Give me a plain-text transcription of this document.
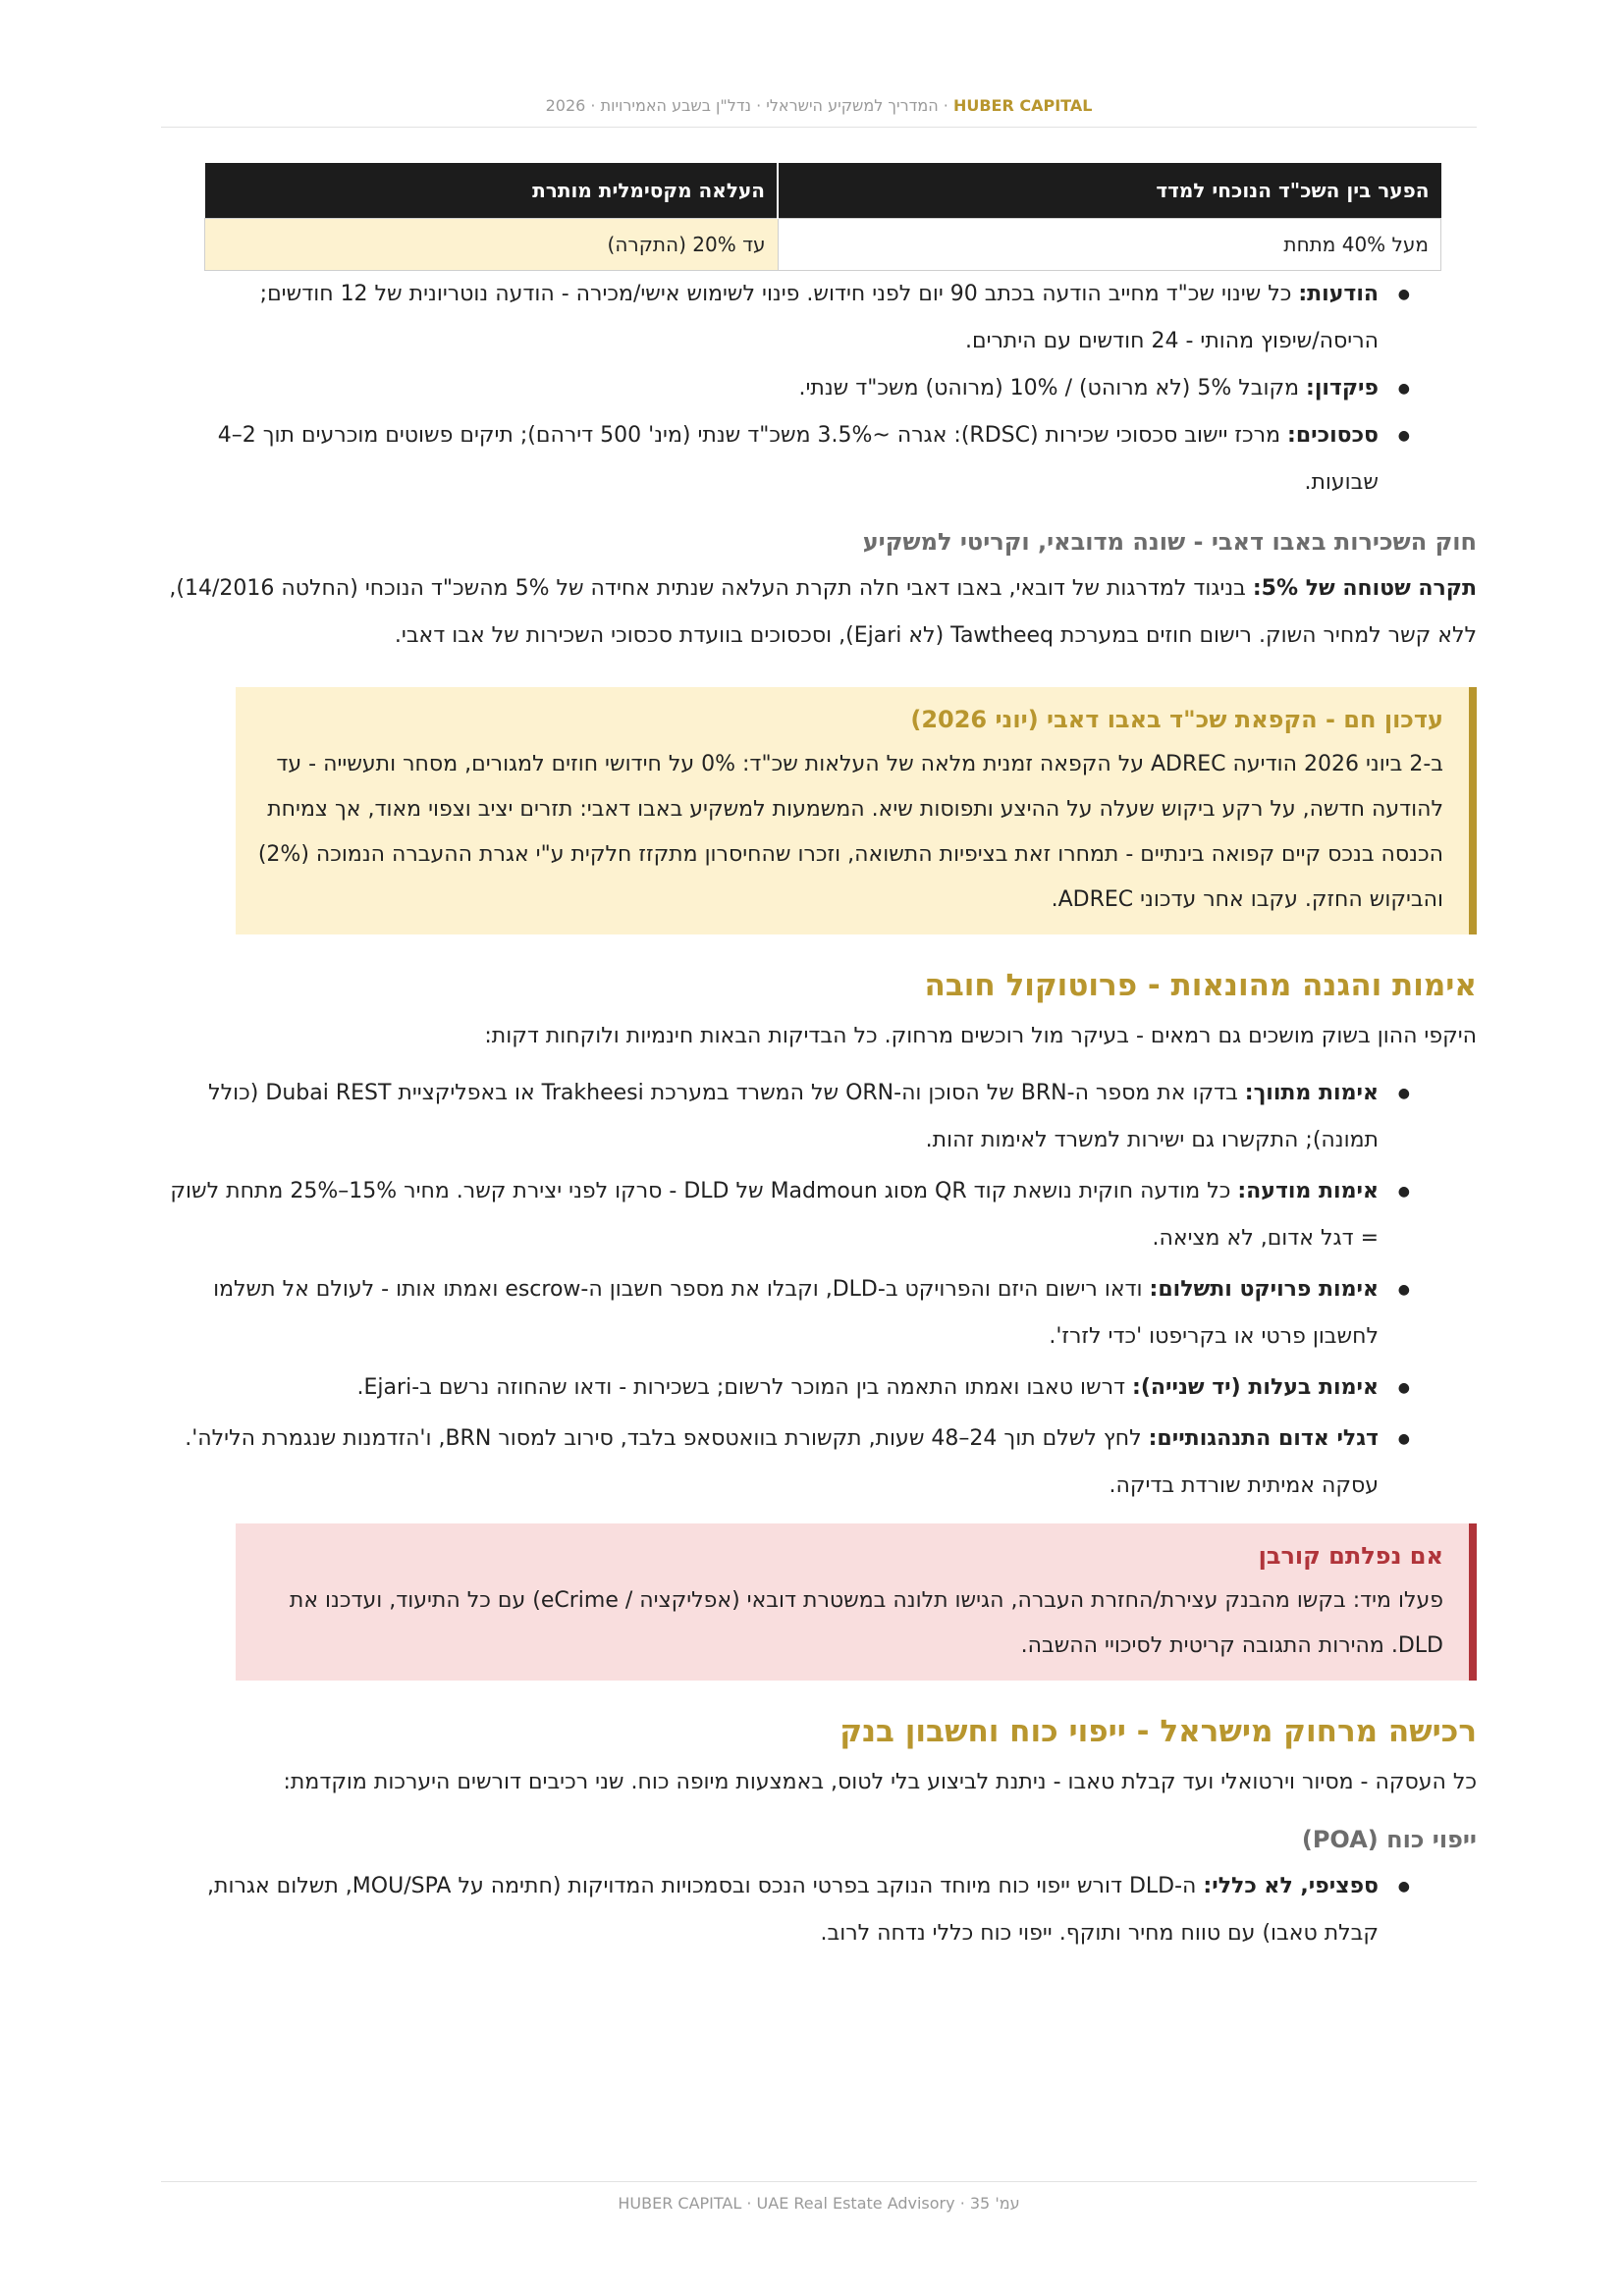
HUBER CAPITAL · המדריך למשקיע הישראלי · נדל"ן בשבע האמירויות · 2026
הפער בין השכ"ד הנוכחי למדד	העלאה מקסימלית מותרת
מעל 40% מתחת	עד 20% (התקרה)
● הודעות: כל שינוי שכ"ד מחייב הודעה בכתב 90 יום לפני חידוש. פינוי לשימוש אישי/מכירה - הודעה נוטריונית של 12 חודשים; הריסה/שיפוץ מהותי - 24 חודשים עם היתרים.
● פיקדון: מקובל 5% (לא מרוהט) / 10% (מרוהט) משכ"ד שנתי.
● סכסוכים: מרכז יישוב סכסוכי שכירות (RDSC): אגרה ~3.5% משכ"ד שנתי (מינ' 500 דירהם); תיקים פשוטים מוכרעים תוך 2–4 שבועות.
חוק השכירות באבו דאבי - שונה מדובאי, וקריטי למשקיע

תקרה שטוחה של 5%: בניגוד למדרגות של דובאי, באבו דאבי חלה תקרת העלאה שנתית אחידה של 5% מהשכ"ד הנוכחי (החלטה 14/2016), ללא קשר למחיר השוק. רישום חוזים במערכת Tawtheeq (לא Ejari), וסכסוכים בוועדת סכסוכי השכירות של אבו דאבי.

עדכון חם - הקפאת שכ"ד באבו דאבי (יוני 2026)
ב-2 ביוני 2026 הודיעה ADREC על הקפאה זמנית מלאה של העלאות שכ"ד: 0% על חידושי חוזים למגורים, מסחר ותעשייה - עד להודעה חדשה, על רקע ביקוש שעלה על ההיצע ותפוסות שיא. המשמעות למשקיע באבו דאבי: תזרים יציב וצפוי מאוד, אך צמיחת הכנסה בנכס קיים קפואה בינתיים - תמחרו זאת בציפיות התשואה, וזכרו שהחיסרון מתקזז חלקית ע"י אגרת ההעברה הנמוכה (2%) והביקוש החזק. עקבו אחר עדכוני ADREC.
אימות והגנה מהונאות - פרוטוקול חובה

היקפי ההון בשוק מושכים גם רמאים - בעיקר מול רוכשים מרחוק. כל הבדיקות הבאות חינמיות ולוקחות דקות:

● אימות מתווך: בדקו את מספר ה-BRN של הסוכן וה-ORN של המשרד במערכת Trakheesi או באפליקציית Dubai REST (כולל תמונה); התקשרו גם ישירות למשרד לאימות זהות.
● אימות מודעה: כל מודעה חוקית נושאת קוד QR מסוג Madmoun של DLD - סרקו לפני יצירת קשר. מחיר 15%–25% מתחת לשוק = דגל אדום, לא מציאה.
● אימות פרויקט ותשלום: ודאו רישום היזם והפרויקט ב-DLD, וקבלו את מספר חשבון ה-escrow ואמתו אותו - לעולם אל תשלמו לחשבון פרטי או בקריפטו 'כדי לזרז'.
● אימות בעלות (יד שנייה): דרשו טאבו ואמתו התאמה בין המוכר לרשום; בשכירות - ודאו שהחוזה נרשם ב-Ejari.
● דגלי אדום התנהגותיים: לחץ לשלם תוך 24–48 שעות, תקשורת בוואטסאפ בלבד, סירוב למסור BRN, ו'הזדמנות שנגמרת הלילה'. עסקה אמיתית שורדת בדיקה.
אם נפלתם קורבן
פעלו מיד: בקשו מהבנק עצירת/החזרת העברה, הגישו תלונה במשטרת דובאי (אפליקציה / eCrime) עם כל התיעוד, ועדכנו את DLD. מהירות התגובה קריטית לסיכויי ההשבה.
רכישה מרחוק מישראל - ייפוי כוח וחשבון בנק

כל העסקה - מסיור וירטואלי ועד קבלת טאבו - ניתנת לביצוע בלי לטוס, באמצעות מיופה כוח. שני רכיבים דורשים היערכות מוקדמת:

ייפוי כוח (POA)
● ספציפי, לא כללי: ה-DLD דורש ייפוי כוח מיוחד הנוקב בפרטי הנכס ובסמכויות המדויקות (חתימה על MOU/SPA, תשלום אגרות, קבלת טאבו) עם טווח מחיר ותוקף. ייפוי כוח כללי נדחה לרוב.
עמ' 35 · HUBER CAPITAL · UAE Real Estate Advisory
